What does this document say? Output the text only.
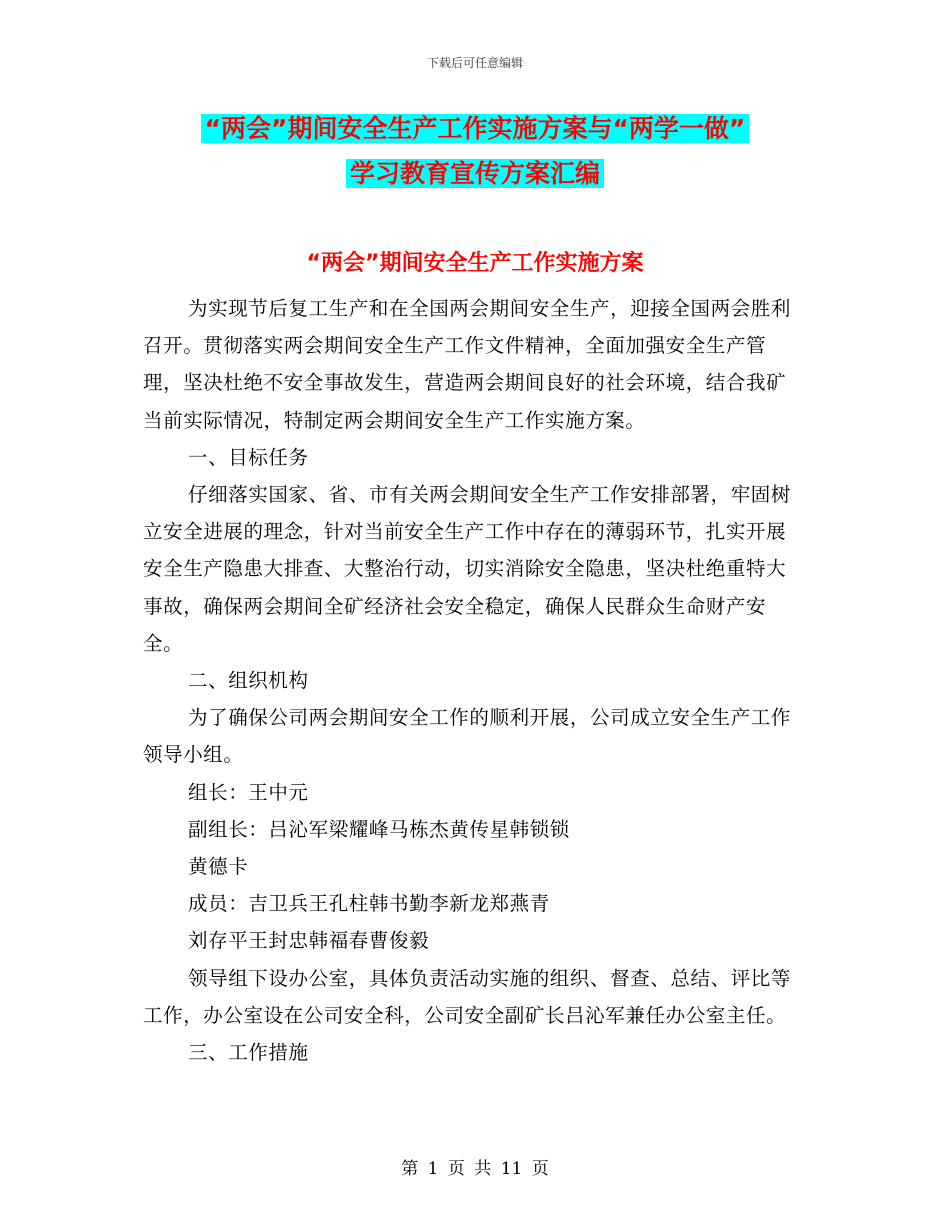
下载后可任意编辑
“两会”期间安全生产工作实施方案与“两学一做”
学习教育宣传方案汇编
“两会”期间安全生产工作实施方案

为实现节后复工生产和在全国两会期间安全生产，迎接全国两会胜利召开。贯彻落实两会期间安全生产工作文件精神，全面加强安全生产管理，坚决杜绝不安全事故发生，营造两会期间良好的社会环境，结合我矿当前实际情况，特制定两会期间安全生产工作实施方案。

一、目标任务

仔细落实国家、省、市有关两会期间安全生产工作安排部署，牢固树立安全进展的理念，针对当前安全生产工作中存在的薄弱环节，扎实开展安全生产隐患大排查、大整治行动，切实消除安全隐患，坚决杜绝重特大事故，确保两会期间全矿经济社会安全稳定，确保人民群众生命财产安全。

二、组织机构

为了确保公司两会期间安全工作的顺利开展，公司成立安全生产工作领导小组。

组长：王中元

副组长：吕沁军梁耀峰马栋杰黄传星韩锁锁

黄德卡

成员：吉卫兵王孔柱韩书勤李新龙郑燕青

刘存平王封忠韩福春曹俊毅

领导组下设办公室，具体负责活动实施的组织、督查、总结、评比等工作，办公室设在公司安全科，公司安全副矿长吕沁军兼任办公室主任。

三、工作措施

第 1 页 共 11 页
